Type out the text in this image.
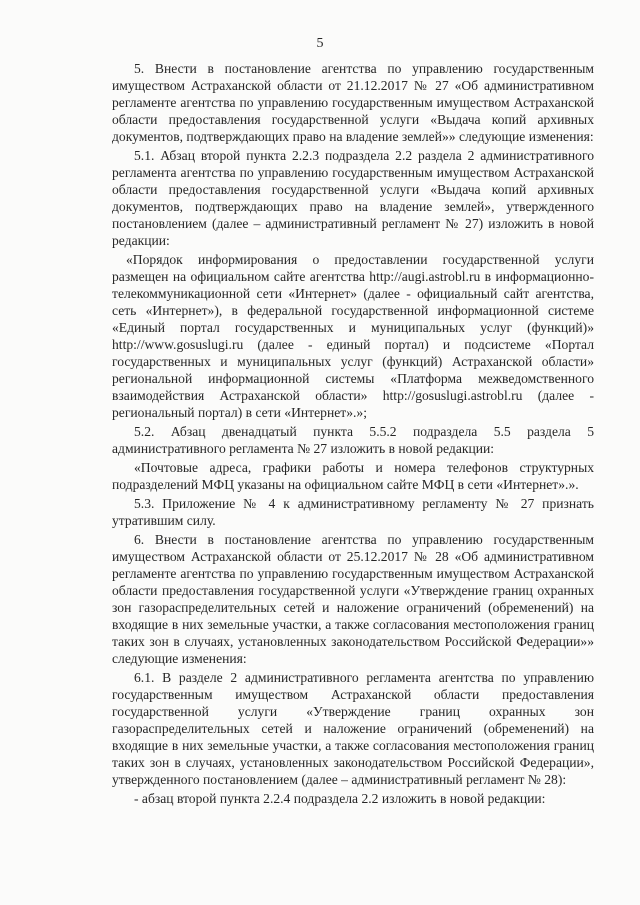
5

5. Внести в постановление агентства по управлению государственным имуществом Астраханской области от 21.12.2017 № 27 «Об административном регламенте агентства по управлению государственным имуществом Астраханской области предоставления государственной услуги «Выдача копий архивных документов, подтверждающих право на владение землей»» следующие изменения:

5.1. Абзац второй пункта 2.2.3 подраздела 2.2 раздела 2 административного регламента агентства по управлению государственным имуществом Астраханской области предоставления государственной услуги «Выдача копий архивных документов, подтверждающих право на владение землей», утвержденного постановлением (далее – административный регламент № 27) изложить в новой редакции:

«Порядок информирования о предоставлении государственной услуги размещен на официальном сайте агентства http://augi.astrobl.ru в информационно-телекоммуникационной сети «Интернет» (далее - официальный сайт агентства, сеть «Интернет»), в федеральной государственной информационной системе «Единый портал государственных и муниципальных услуг (функций)» http://www.gosuslugi.ru (далее - единый портал) и подсистеме «Портал государственных и муниципальных услуг (функций) Астраханской области» региональной информационной системы «Платформа межведомственного взаимодействия Астраханской области» http://gosuslugi.astrobl.ru (далее - региональный портал) в сети «Интернет».»;

5.2. Абзац двенадцатый пункта 5.5.2 подраздела 5.5 раздела 5 административного регламента № 27 изложить в новой редакции:

«Почтовые адреса, графики работы и номера телефонов структурных подразделений МФЦ указаны на официальном сайте МФЦ в сети «Интернет».».

5.3. Приложение № 4 к административному регламенту № 27 признать утратившим силу.

6. Внести в постановление агентства по управлению государственным имуществом Астраханской области от 25.12.2017 № 28 «Об административном регламенте агентства по управлению государственным имуществом Астраханской области предоставления государственной услуги «Утверждение границ охранных зон газораспределительных сетей и наложение ограничений (обременений) на входящие в них земельные участки, а также согласования местоположения границ таких зон в случаях, установленных законодательством Российской Федерации»» следующие изменения:

6.1. В разделе 2 административного регламента агентства по управлению государственным имуществом Астраханской области предоставления государственной услуги «Утверждение границ охранных зон газораспределительных сетей и наложение ограничений (обременений) на входящие в них земельные участки, а также согласования местоположения границ таких зон в случаях, установленных законодательством Российской Федерации», утвержденного постановлением (далее – административный регламент № 28):

- абзац второй пункта 2.2.4 подраздела 2.2 изложить в новой редакции:
